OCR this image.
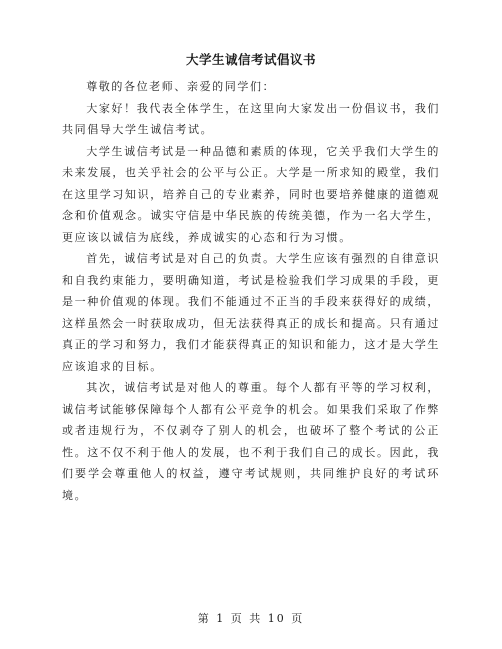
大学生诚信考试倡议书

尊敬的各位老师、亲爱的同学们：

大家好！我代表全体学生，在这里向大家发出一份倡议书，我们共同倡导大学生诚信考试。

大学生诚信考试是一种品德和素质的体现，它关乎我们大学生的未来发展，也关乎社会的公平与公正。大学是一所求知的殿堂，我们在这里学习知识，培养自己的专业素养，同时也要培养健康的道德观念和价值观念。诚实守信是中华民族的传统美德，作为一名大学生，更应该以诚信为底线，养成诚实的心态和行为习惯。

首先，诚信考试是对自己的负责。大学生应该有强烈的自律意识和自我约束能力，要明确知道，考试是检验我们学习成果的手段，更是一种价值观的体现。我们不能通过不正当的手段来获得好的成绩，这样虽然会一时获取成功，但无法获得真正的成长和提高。只有通过真正的学习和努力，我们才能获得真正的知识和能力，这才是大学生应该追求的目标。

其次，诚信考试是对他人的尊重。每个人都有平等的学习权利，诚信考试能够保障每个人都有公平竞争的机会。如果我们采取了作弊或者违规行为，不仅剥夺了别人的机会，也破坏了整个考试的公正性。这不仅不利于他人的发展，也不利于我们自己的成长。因此，我们要学会尊重他人的权益，遵守考试规则，共同维护良好的考试环境。

第 1 页 共 10 页
